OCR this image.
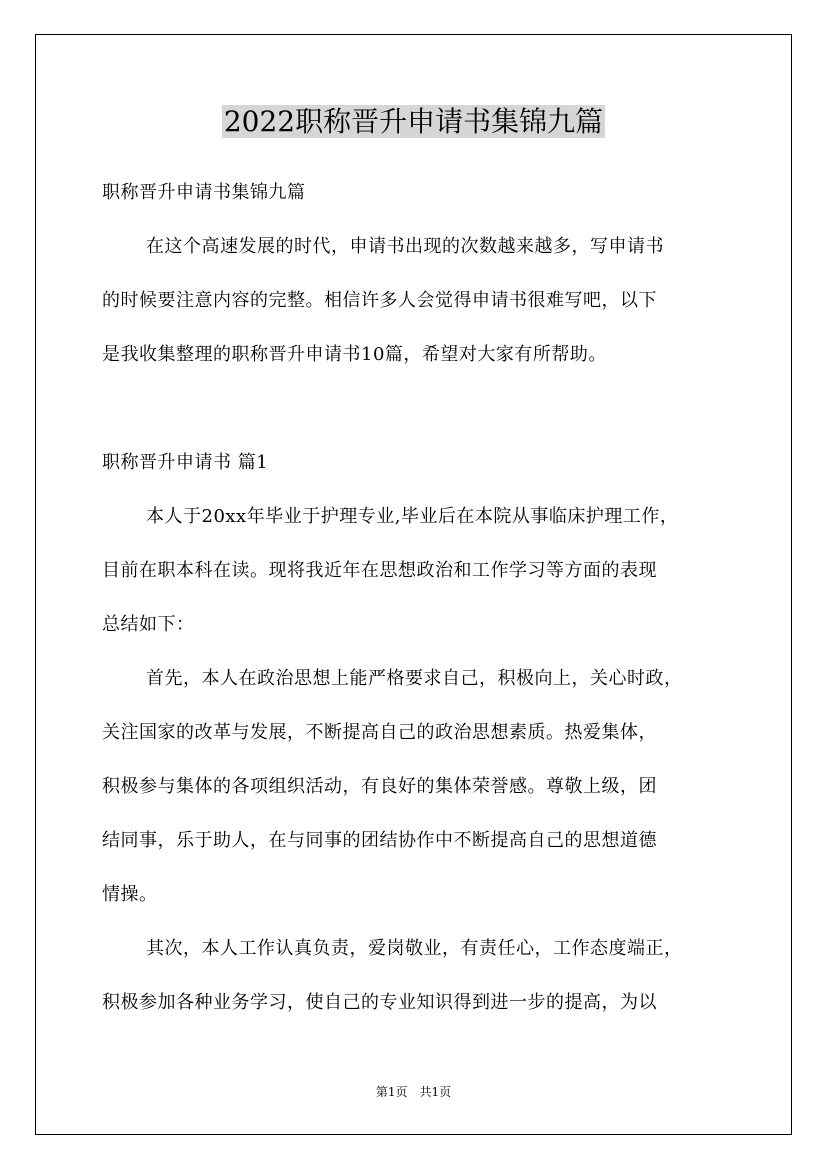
2022职称晋升申请书集锦九篇
职称晋升申请书集锦九篇
在这个高速发展的时代，申请书出现的次数越来越多，写申请书
的时候要注意内容的完整。相信许多人会觉得申请书很难写吧，以下
是我收集整理的职称晋升申请书10篇，希望对大家有所帮助。
职称晋升申请书 篇1
本人于20xx年毕业于护理专业,毕业后在本院从事临床护理工作，
目前在职本科在读。现将我近年在思想政治和工作学习等方面的表现
总结如下：
首先，本人在政治思想上能严格要求自己，积极向上，关心时政，
关注国家的改革与发展，不断提高自己的政治思想素质。热爱集体，
积极参与集体的各项组织活动，有良好的集体荣誉感。尊敬上级，团
结同事，乐于助人，在与同事的团结协作中不断提高自己的思想道德
情操。
其次，本人工作认真负责，爱岗敬业，有责任心，工作态度端正，
积极参加各种业务学习，使自己的专业知识得到进一步的提高，为以
第1页　共1页
